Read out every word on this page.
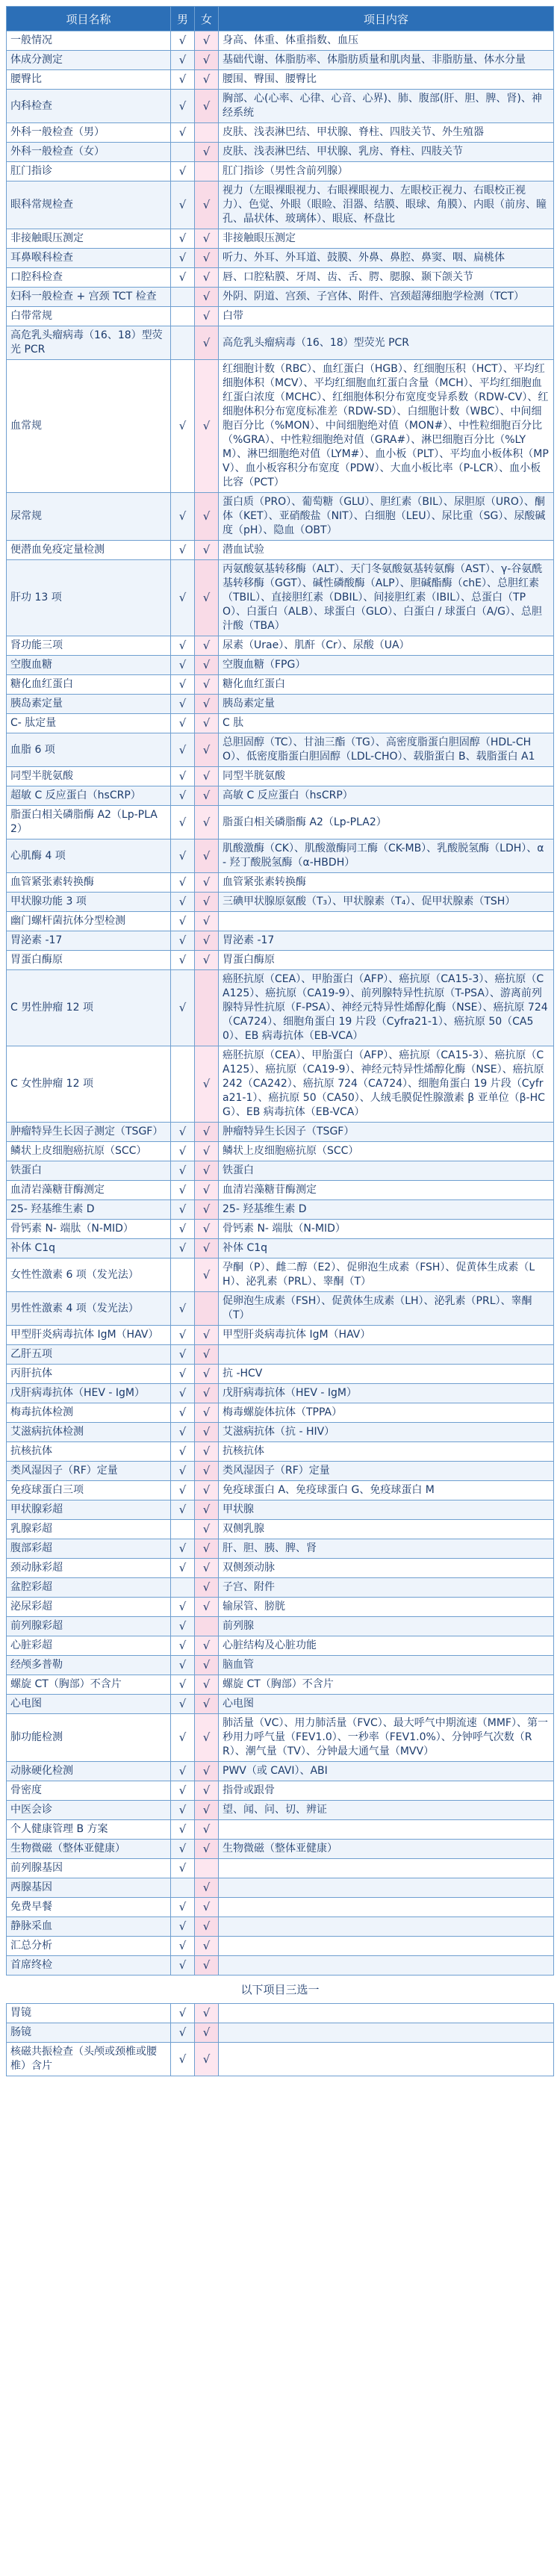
项目名称	男	女	项目内容
一般情况	√	√	身高、体重、体重指数、血压
体成分测定	√	√	基础代谢、体脂肪率、体脂肪质量和肌肉量、非脂肪量、体水分量
腰臀比	√	√	腰围、臀围、腰臀比
内科检查	√	√	胸部、心(心率、心律、心音、心界)、肺、腹部(肝、胆、脾、肾)、神经系统
外科一般检查（男）	√		皮肤、浅表淋巴结、甲状腺、脊柱、四肢关节、外生殖器
外科一般检查（女）		√	皮肤、浅表淋巴结、甲状腺、乳房、脊柱、四肢关节
肛门指诊	√		肛门指诊（男性含前列腺）
眼科常规检查	√	√	视力（左眼裸眼视力、右眼裸眼视力、左眼校正视力、右眼校正视力）、色觉、外眼（眼睑、泪器、结膜、眼球、角膜）、内眼（前房、瞳孔、晶状体、玻璃体）、眼底、杯盘比
非接触眼压测定	√	√	非接触眼压测定
耳鼻喉科检查	√	√	听力、外耳、外耳道、鼓膜、外鼻、鼻腔、鼻窦、咽、扁桃体
口腔科检查	√	√	唇、口腔粘膜、牙周、齿、舌、腭、腮腺、颞下颌关节
妇科一般检查 + 宫颈 TCT 检查		√	外阴、阴道、宫颈、子宫体、附件、宫颈超薄细胞学检测（TCT）
白带常规		√	白带
高危乳头瘤病毒（16、18）型荧光 PCR		√	高危乳头瘤病毒（16、18）型荧光 PCR
血常规	√	√	红细胞计数（RBC）、血红蛋白（HGB）、红细胞压积（HCT）、平均红细胞体积（MCV）、平均红细胞血红蛋白含量（MCH）、平均红细胞血红蛋白浓度（MCHC）、红细胞体积分布宽度变异系数（RDW-CV）、红细胞体积分布宽度标准差（RDW-SD）、白细胞计数（WBC）、中间细胞百分比（%MON）、中间细胞绝对值（MON#）、中性粒细胞百分比（%GRA）、中性粒细胞绝对值（GRA#）、淋巴细胞百分比（%LYM）、淋巴细胞绝对值（LYM#）、血小板（PLT）、平均血小板体积（MPV）、血小板容积分布宽度（PDW）、大血小板比率（P-LCR）、血小板比容（PCT）
尿常规	√	√	蛋白质（PRO）、葡萄糖（GLU）、胆红素（BIL）、尿胆原（URO）、酮体（KET）、亚硝酸盐（NIT）、白细胞（LEU）、尿比重（SG）、尿酸碱度（pH）、隐血（OBT）
便潜血免疫定量检测	√	√	潜血试验
肝功 13 项	√	√	丙氨酸氨基转移酶（ALT）、天门冬氨酸氨基转氨酶（AST）、γ-谷氨酰基转移酶（GGT）、碱性磷酸酶（ALP）、胆碱酯酶（chE）、总胆红素（TBIL）、直接胆红素（DBIL）、间接胆红素（IBIL）、总蛋白（TPO）、白蛋白（ALB）、球蛋白（GLO）、白蛋白 / 球蛋白（A/G）、总胆汁酸（TBA）
肾功能三项	√	√	尿素（Urae）、肌酐（Cr）、尿酸（UA）
空腹血糖	√	√	空腹血糖（FPG）
糖化血红蛋白	√	√	糖化血红蛋白
胰岛素定量	√	√	胰岛素定量
C- 肽定量	√	√	C 肽
血脂 6 项	√	√	总胆固醇（TC）、甘油三酯（TG）、高密度脂蛋白胆固醇（HDL-CHO）、低密度脂蛋白胆固醇（LDL-CHO）、载脂蛋白 B、载脂蛋白 A1
同型半胱氨酸	√	√	同型半胱氨酸
超敏 C 反应蛋白（hsCRP）	√	√	高敏 C 反应蛋白（hsCRP）
脂蛋白相关磷脂酶 A2（Lp-PLA2）	√	√	脂蛋白相关磷脂酶 A2（Lp-PLA2）
心肌酶 4 项	√	√	肌酸激酶（CK）、肌酸激酶同工酶（CK-MB）、乳酸脱氢酶（LDH）、α - 羟丁酸脱氢酶（α-HBDH）
血管紧张素转换酶	√	√	血管紧张素转换酶
甲状腺功能 3 项	√	√	三碘甲状腺原氨酸（T₃）、甲状腺素（T₄）、促甲状腺素（TSH）
幽门螺杆菌抗体分型检测	√	√	
胃泌素 -17	√	√	胃泌素 -17
胃蛋白酶原	√	√	胃蛋白酶原
C 男性肿瘤 12 项	√		癌胚抗原（CEA）、甲胎蛋白（AFP）、癌抗原（CA15-3）、癌抗原（CA125）、癌抗原（CA19-9）、前列腺特异性抗原（T-PSA）、游离前列腺特异性抗原（F-PSA）、神经元特异性烯醇化酶（NSE）、癌抗原 724（CA724）、细胞角蛋白 19 片段（Cyfra21-1）、癌抗原 50（CA50）、EB 病毒抗体（EB-VCA）
C 女性肿瘤 12 项		√	癌胚抗原（CEA）、甲胎蛋白（AFP）、癌抗原（CA15-3）、癌抗原（CA125）、癌抗原（CA19-9）、神经元特异性烯醇化酶（NSE）、癌抗原 242（CA242）、癌抗原 724（CA724）、细胞角蛋白 19 片段（Cyfra21-1）、癌抗原 50（CA50）、人绒毛膜促性腺激素 β 亚单位（β-HCG）、EB 病毒抗体（EB-VCA）
肿瘤特异生长因子测定（TSGF）	√	√	肿瘤特异生长因子（TSGF）
鳞状上皮细胞癌抗原（SCC）	√	√	鳞状上皮细胞癌抗原（SCC）
铁蛋白	√	√	铁蛋白
血清岩藻糖苷酶测定	√	√	血清岩藻糖苷酶测定
25- 羟基维生素 D	√	√	25- 羟基维生素 D
骨钙素 N- 端肽（N-MID）	√	√	骨钙素 N- 端肽（N-MID）
补体 C1q	√	√	补体 C1q
女性性激素 6 项（发光法）		√	孕酮（P）、雌二醇（E2）、促卵泡生成素（FSH）、促黄体生成素（LH）、泌乳素（PRL）、睾酮（T）
男性性激素 4 项（发光法）	√		促卵泡生成素（FSH）、促黄体生成素（LH）、泌乳素（PRL）、睾酮（T）
甲型肝炎病毒抗体 IgM（HAV）	√	√	甲型肝炎病毒抗体 IgM（HAV）
乙肝五项	√	√	
丙肝抗体	√	√	抗 -HCV
戊肝病毒抗体（HEV - IgM）	√	√	戊肝病毒抗体（HEV - IgM）
梅毒抗体检测	√	√	梅毒螺旋体抗体（TPPA）
艾滋病抗体检测	√	√	艾滋病抗体（抗 - HIV）
抗核抗体	√	√	抗核抗体
类风湿因子（RF）定量	√	√	类风湿因子（RF）定量
免疫球蛋白三项	√	√	免疫球蛋白 A、免疫球蛋白 G、免疫球蛋白 M
甲状腺彩超	√	√	甲状腺
乳腺彩超		√	双侧乳腺
腹部彩超	√	√	肝、胆、胰、脾、肾
颈动脉彩超	√	√	双侧颈动脉
盆腔彩超		√	子宫、附件
泌尿彩超	√	√	输尿管、膀胱
前列腺彩超	√		前列腺
心脏彩超	√	√	心脏结构及心脏功能
经颅多普勒	√	√	脑血管
螺旋 CT（胸部）不含片	√	√	螺旋 CT（胸部）不含片
心电图	√	√	心电图
肺功能检测	√	√	肺活量（VC）、用力肺活量（FVC）、最大呼气中期流速（MMF）、第一秒用力呼气量（FEV1.0）、一秒率（FEV1.0%）、分钟呼气次数（RR）、潮气量（TV）、分钟最大通气量（MVV）
动脉硬化检测	√	√	PWV（或 CAVI）、ABI
骨密度	√	√	指骨或跟骨
中医会诊	√	√	望、闻、问、切、辨证
个人健康管理 B 方案	√	√	
生物微磁（整体亚健康）	√	√	生物微磁（整体亚健康）
前列腺基因	√		
两腺基因		√	
免费早餐	√	√	
静脉采血	√	√	
汇总分析	√	√	
首席终检	√	√	
以下项目三选一
胃镜	√	√	
肠镜	√	√	
核磁共振检查（头颅或颈椎或腰椎）含片	√	√	
